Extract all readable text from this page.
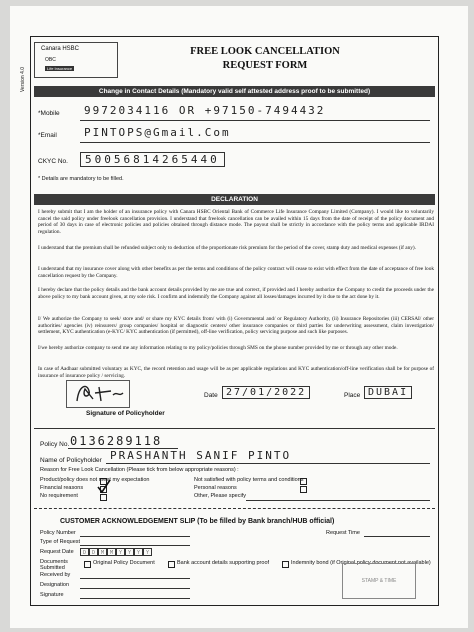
Canara HSBC
OBC
Life Insurance
FREE LOOK CANCELLATION
REQUEST FORM
Version 4.0	Change in Contact Details (Mandatory valid self attested address proof to be submitted)
*Mobile 9972034116 OR +97150-7494432
*Email PINTOPS@Gmail.Com
CKYC No.	50056814265440
* Details are mandatory to be filled.
DECLARATION
I hereby submit that I am the holder of an insurance policy with Canara HSBC Oriental Bank of Commerce Life Insurance Company Limited (Company). I would like to voluntarily cancel the said policy under freelook cancellation provision. I understand that freelook cancellation can be availed within 15 days from the date of receipt of the policy document and period of 30 days in case of electronic policies and policies obtained through distance mode. The payout shall be strictly in accordance with the policy terms and applicable IRDAI regulation.
I understand that the premium shall be refunded subject only to deduction of the proportionate risk premium for the period of the cover, stamp duty and medical expenses (if any).
I understand that my insurance cover along with other benefits as per the terms and conditions of the policy contract will cease to exist with effect from the date of acceptance of free look cancellation request by the Company.
I hereby declare that the policy details and the bank account details provided by me are true and correct, if provided and I hereby authorize the Company to credit the proceeds under the above policy to my bank account given, at my sole risk. I confirm and indemnify the Company against all losses/damages incurred by it due to the act done by it.
I/ We authorize the Company to seek/ store and/ or share my KYC details from/ with (i) Governmental and/ or Regulatory Authority, (ii) Insurance Repositories (iii) CERSAI/ other authorities/ agencies (iv) reinsurers/ group companies/ hospital or diagnostic centers/ other insurance companies or third parties for underwriting assessment, claim investigation/ settlement, KYC authentication (e-KYC/ KYC authentication (if permitted), off-line verification, policy servicing purpose and such like purposes.
I/we hereby authorize company to send me any information relating to my policy/policies through SMS on the phone number provided by me or through any other mode.
In case of Aadhaar submitted voluntary as KYC, the record retention and usage will be as per applicable regulations and KYC authentication/off-line verification shall be for purpose of insurance of insurance policy / servicing.
Signature of Policyholder
Date 27/01/2022	Place DUBAI
Policy No. 0136289118
Name of Policyholder PRASHANTH SANIF PINTO
Reason for Free Look Cancellation (Please tick from below appropriate reasons) :
Product/policy does not meet my expectation
Financial reasons
No requirement
Not satisfied with policy terms and conditions
Personal reasons
Other, Please specify
CUSTOMER ACKNOWLEDGEMENT SLIP (To be filled by Bank branch/HUB official)
Policy Number	Request Time
Type of Request
Request Date	D	D	M	M	Y	Y	Y	Y
Documents Submitted
Original Policy Document	Bank account details supporting proof	Indemnity bond (if Original policy document not available)
Received by
Designation
Signature
STAMP & TIME
